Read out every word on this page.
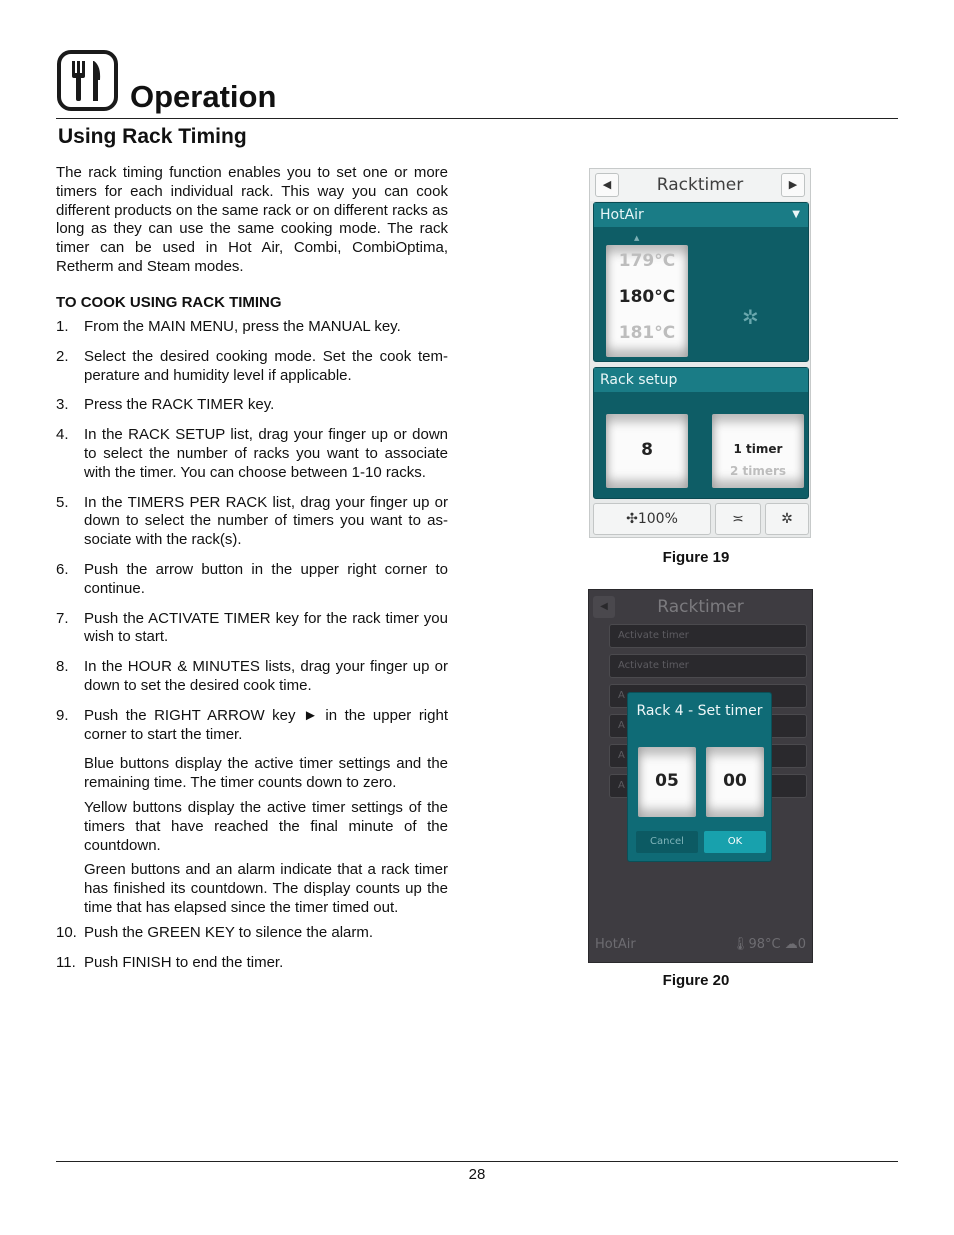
Operation
Using Rack Timing

The rack timing function enables you to set one or more timers for each individual rack. This way you can cook different products on the same rack or on different racks as long as they can use the same cooking mode. The rack timer can be used in Hot Air, Combi, CombiOptima, Retherm and Steam modes.

TO COOK USING RACK TIMING

1.	From the MAIN MENU, press the MANUAL key.
2.	Select the desired cooking mode. Set the cook tem-perature and humidity level if applicable.
3.	Press the RACK TIMER key.
4.	In the RACK SETUP list, drag your finger up or down to select the number of racks you want to associate with the timer. You can choose between 1-10 racks.
5.	In the TIMERS PER RACK list, drag your finger up or down to select the number of timers you want to as-sociate with the rack(s).
6.	Push the arrow button in the upper right corner to continue.
7.	Push the ACTIVATE TIMER key for the rack timer you wish to start.
8.	In the HOUR & MINUTES lists, drag your finger up or down to set the desired cook time.
9.	Push the RIGHT ARROW key ► in the upper right corner to start the timer.

Blue buttons display the active timer settings and the remaining time. The timer counts down to zero.

Yellow buttons display the active timer settings of the timers that have reached the final minute of the countdown.

Green buttons and an alarm indicate that a rack timer has finished its countdown. The display counts up the time that has elapsed since the timer timed out.

10. Push the GREEN KEY to silence the alarm.
11. Push FINISH to end the timer.
◀	Racktimer	▶
HotAir	▼
▲
179°C
180°C
181°C
✲
Rack setup
8	1 timer
2 timers
✣100%	≍	✲

Figure 19

◀	Racktimer
Activate timer
Activate timer
A
A
A
A
Rack 4 - Set timer
05	00
Cancel	OK
HotAir	🌡98°C ☁0

Figure 20

28
